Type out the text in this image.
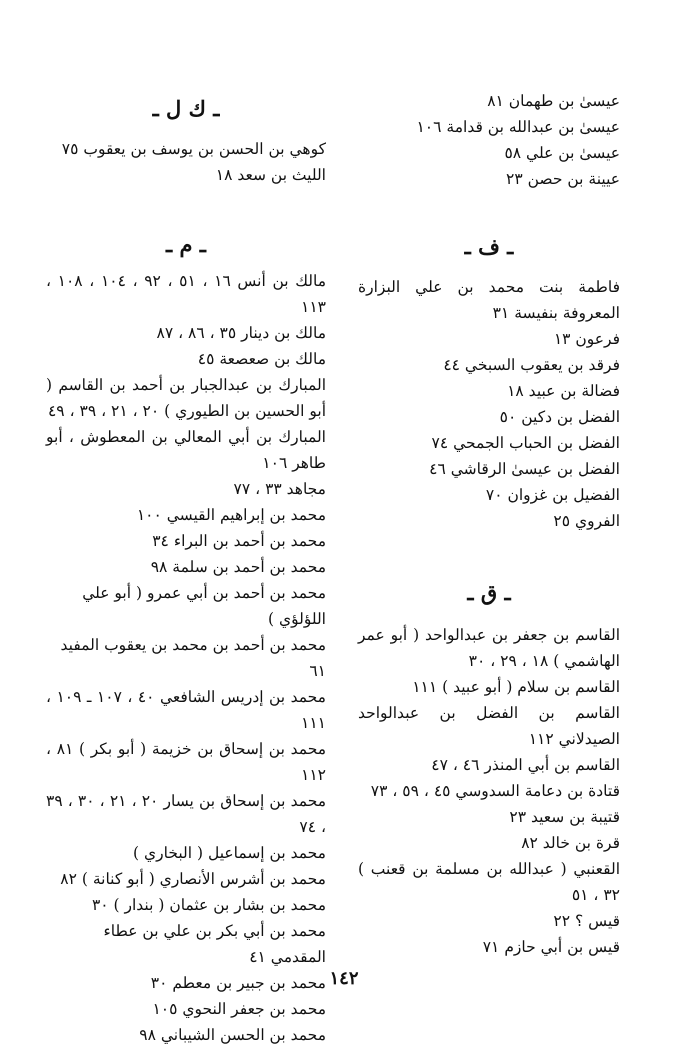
عيسىٰ بن طهمان ٨١
عيسىٰ بن عبدالله بن قدامة ١٠٦
عيسىٰ بن علي ٥٨
عيينة بن حصن ٢٣
ـ ف ـ
فاطمة بنت محمد بن علي البزارة المعروفة بنفيسة ٣١
فرعون ١٣
فرقد بن يعقوب السبخي ٤٤
فضالة بن عبيد ١٨
الفضل بن دكين ٥٠
الفضل بن الحباب الجمحي ٧٤
الفضل بن عيسىٰ الرقاشي ٤٦
الفضيل بن غزوان ٧٠
الفروي ٢٥
ـ ق ـ
القاسم بن جعفر بن عبدالواحد ( أبو عمر الهاشمي ) ١٨ ، ٢٩ ، ٣٠
القاسم بن سلام ( أبو عبيد ) ١١١
القاسم بن الفضل بن عبدالواحد الصيدلاني ١١٢
القاسم بن أبي المنذر ٤٦ ، ٤٧
قتادة بن دعامة السدوسي ٤٥ ، ٥٩ ، ٧٣
قتيبة بن سعيد ٢٣
قرة بن خالد ٨٢
القعنبي ( عبدالله بن مسلمة بن قعنب ) ٣٢ ، ٥١
قيس ؟ ٢٢
قيس بن أبي حازم ٧١
ـ ك ل ـ
كوهي بن الحسن بن يوسف بن يعقوب ٧٥
الليث بن سعد ١٨
ـ م ـ
مالك بن أنس ١٦ ، ٥١ ، ٩٢ ، ١٠٤ ، ١٠٨ ، ١١٣
مالك بن دينار ٣٥ ، ٨٦ ، ٨٧
مالك بن صعصعة ٤٥
المبارك بن عبدالجبار بن أحمد بن القاسم ( أبو الحسين بن الطيوري ) ٢٠ ، ٢١ ، ٣٩ ، ٤٩
المبارك بن أبي المعالي بن المعطوش ، أبو طاهر ١٠٦
مجاهد ٣٣ ، ٧٧
محمد بن إبراهيم القيسي ١٠٠
محمد بن أحمد بن البراء ٣٤
محمد بن أحمد بن سلمة ٩٨
محمد بن أحمد بن أبي عمرو ( أبو علي اللؤلؤي )
محمد بن أحمد بن محمد بن يعقوب المفيد ٦١
محمد بن إدريس الشافعي ٤٠ ، ١٠٧ ـ ١٠٩ ، ١١١
محمد بن إسحاق بن خزيمة ( أبو بكر ) ٨١ ، ١١٢
محمد بن إسحاق بن يسار ٢٠ ، ٢١ ، ٣٠ ، ٣٩ ، ٧٤
محمد بن إسماعيل ( البخاري )
محمد بن أشرس الأنصاري ( أبو كنانة ) ٨٢
محمد بن بشار بن عثمان ( بندار ) ٣٠
محمد بن أبي بكر بن علي بن عطاء المقدمي ٤١
محمد بن جبير بن معطم ٣٠
محمد بن جعفر النحوي ١٠٥
محمد بن الحسن الشيباني ٩٨
١٤٢
